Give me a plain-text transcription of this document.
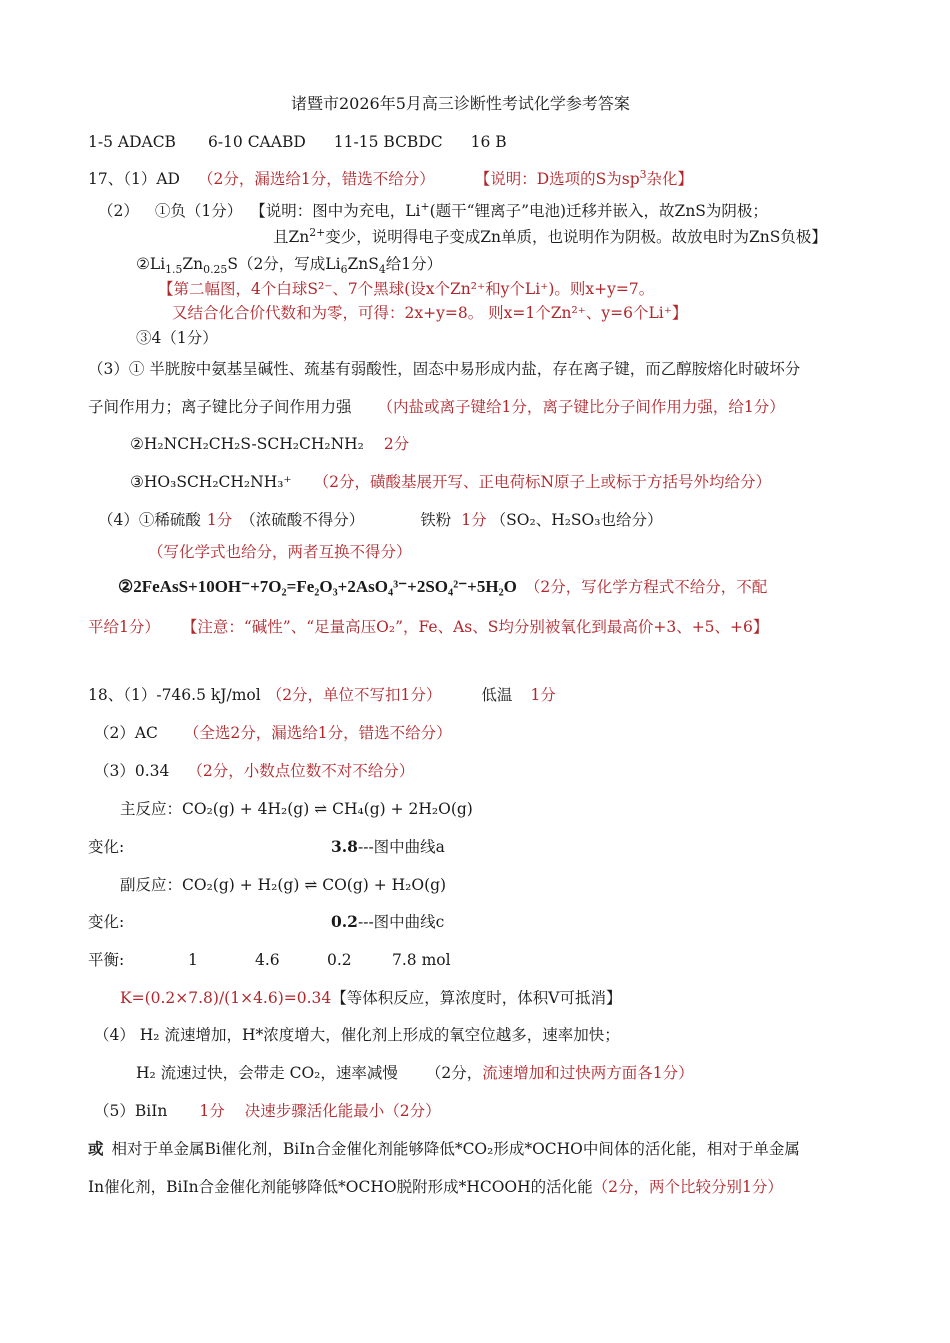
诸暨市2026年5月高三诊断性考试化学参考答案
1-5 ADACB 6-10 CAABD 11-15 BCBDC 16 B
17、（1）AD （2分，漏选给1分，错选不给分）	【说明：D选项的S为$sp^3$杂化】
（2） ①负（1分） 【说明：图中为充电，Li+(题干“锂离子”电池)迁移并嵌入，故ZnS为阴极；
且$Zn^{2+}$变少，说明得电子变成Zn单质，也说明作为阴极。故放电时为ZnS负极】
$②Li_{1.5}Zn_{0.25}S(2$分，写成$Li_6ZnS_4$给1分）
【第二幅图，4个白球S²⁻、7个黑球(设x个Zn²⁺和y个Li⁺)。则x+y=7。
又结合化合价代数和为零，可得：2x+y=8。 则x=1个Zn²⁺、y=6个Li⁺】
③4（1分）
（3）① 半胱胺中氨基呈碱性、巯基有弱酸性，固态中易形成内盐，存在离子键，而乙醇胺熔化时破坏分
子间作用力；离子键比分子间作用力强 （内盐或离子键给1分，离子键比分子间作用力强，给1分）
②H₂NCH₂CH₂S-SCH₂CH₂NH₂ 2分
③HO₃SCH₂CH₂NH₃⁺ （2分，磺酸基展开写、正电荷标N原子上或标于方括号外均给分）
（4）①稀硫酸 1分 （浓硫酸不得分）	铁粉 1分 （SO₂、H₂SO₃也给分）
（写化学式也给分，两者互换不得分）
②2FeAsS+10OH⁻+7O₂=Fe₂O₃+2AsO₄³⁻+2SO₄²⁻+5H₂O （2分，写化学方程式不给分，不配
平给1分） 【注意：“碱性”、“足量高压O₂”，Fe、As、S均分别被氧化到最高价+3、+5、+6】
18、（1）-746.5 kJ/mol （2分，单位不写扣1分）	低温 1分
（2）AC （全选2分，漏选给1分，错选不给分）
（3）0.34 （2分，小数点位数不对不给分）
主反应：CO₂(g) + 4H₂(g) ⇌ CH₄(g) + 2H₂O(g)
变化:	3.8---图中曲线a
副反应：CO₂(g) + H₂(g) ⇌ CO(g) + H₂O(g)
变化:	0.2---图中曲线c
平衡:	1	4.6	0.2	7.8 mol
K=(0.2×7.8)/(1×4.6)=0.34【等体积反应，算浓度时，体积V可抵消】
（4） H₂ 流速增加，H*浓度增大，催化剂上形成的氧空位越多，速率加快；
H₂ 流速过快，会带走 CO₂，速率减慢 （2分，流速增加和过快两方面各1分）
（5）BiIn 1分 决速步骤活化能最小（2分）
或 相对于单金属Bi催化剂，BiIn合金催化剂能够降低*CO₂形成*OCHO中间体的活化能，相对于单金属
In催化剂，BiIn合金催化剂能够降低*OCHO脱附形成*HCOOH的活化能（2分，两个比较分别1分）
